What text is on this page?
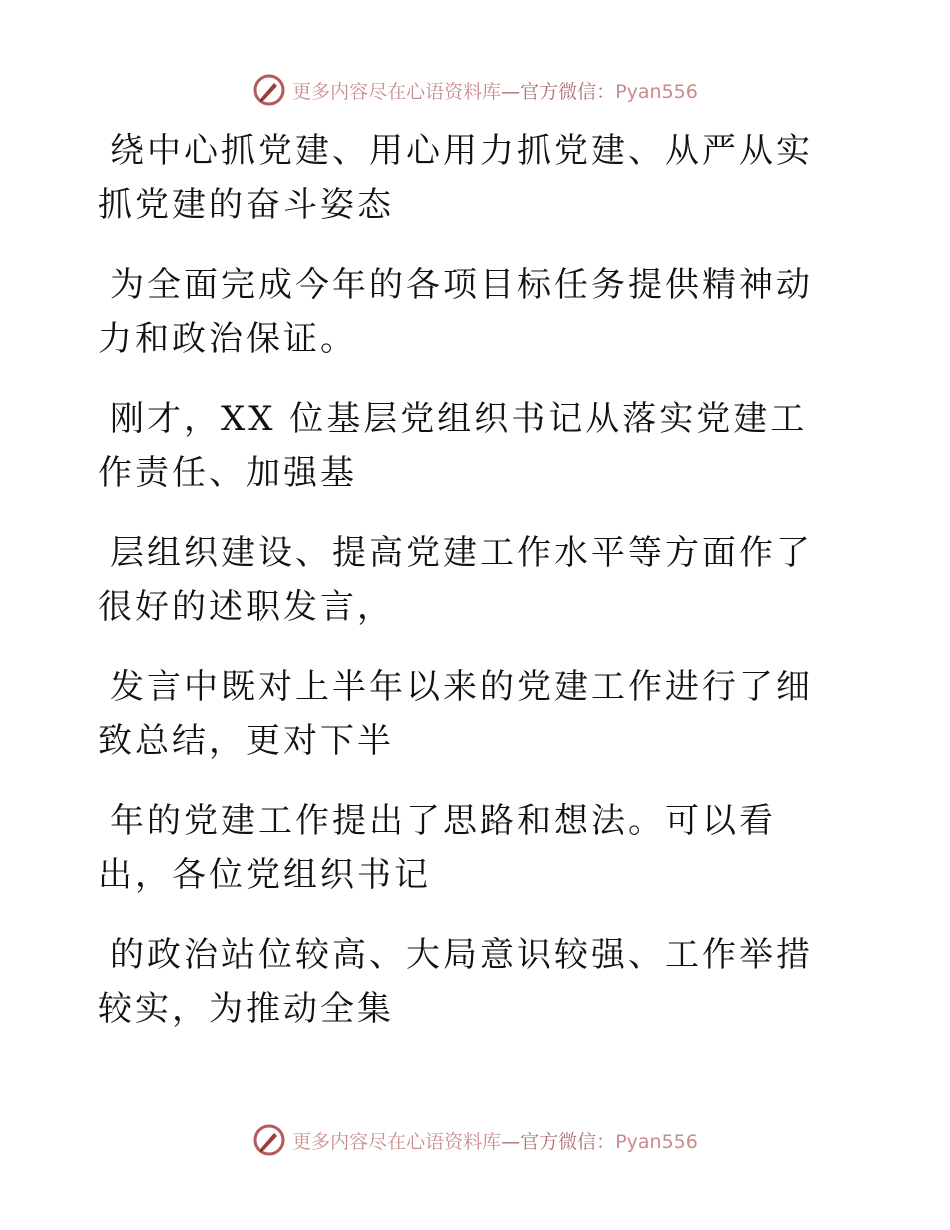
更多内容尽在心语资料库—官方微信：Pyan556

绕中心抓党建、用心用力抓党建、从严从实抓党建的奋斗姿态

为全面完成今年的各项目标任务提供精神动力和政治保证。

刚才，XX 位基层党组织书记从落实党建工作责任、加强基

层组织建设、提高党建工作水平等方面作了很好的述职发言，

发言中既对上半年以来的党建工作进行了细致总结，更对下半

年的党建工作提出了思路和想法。可以看出，各位党组织书记

的政治站位较高、大局意识较强、工作举措较实，为推动全集

更多内容尽在心语资料库—官方微信：Pyan556
